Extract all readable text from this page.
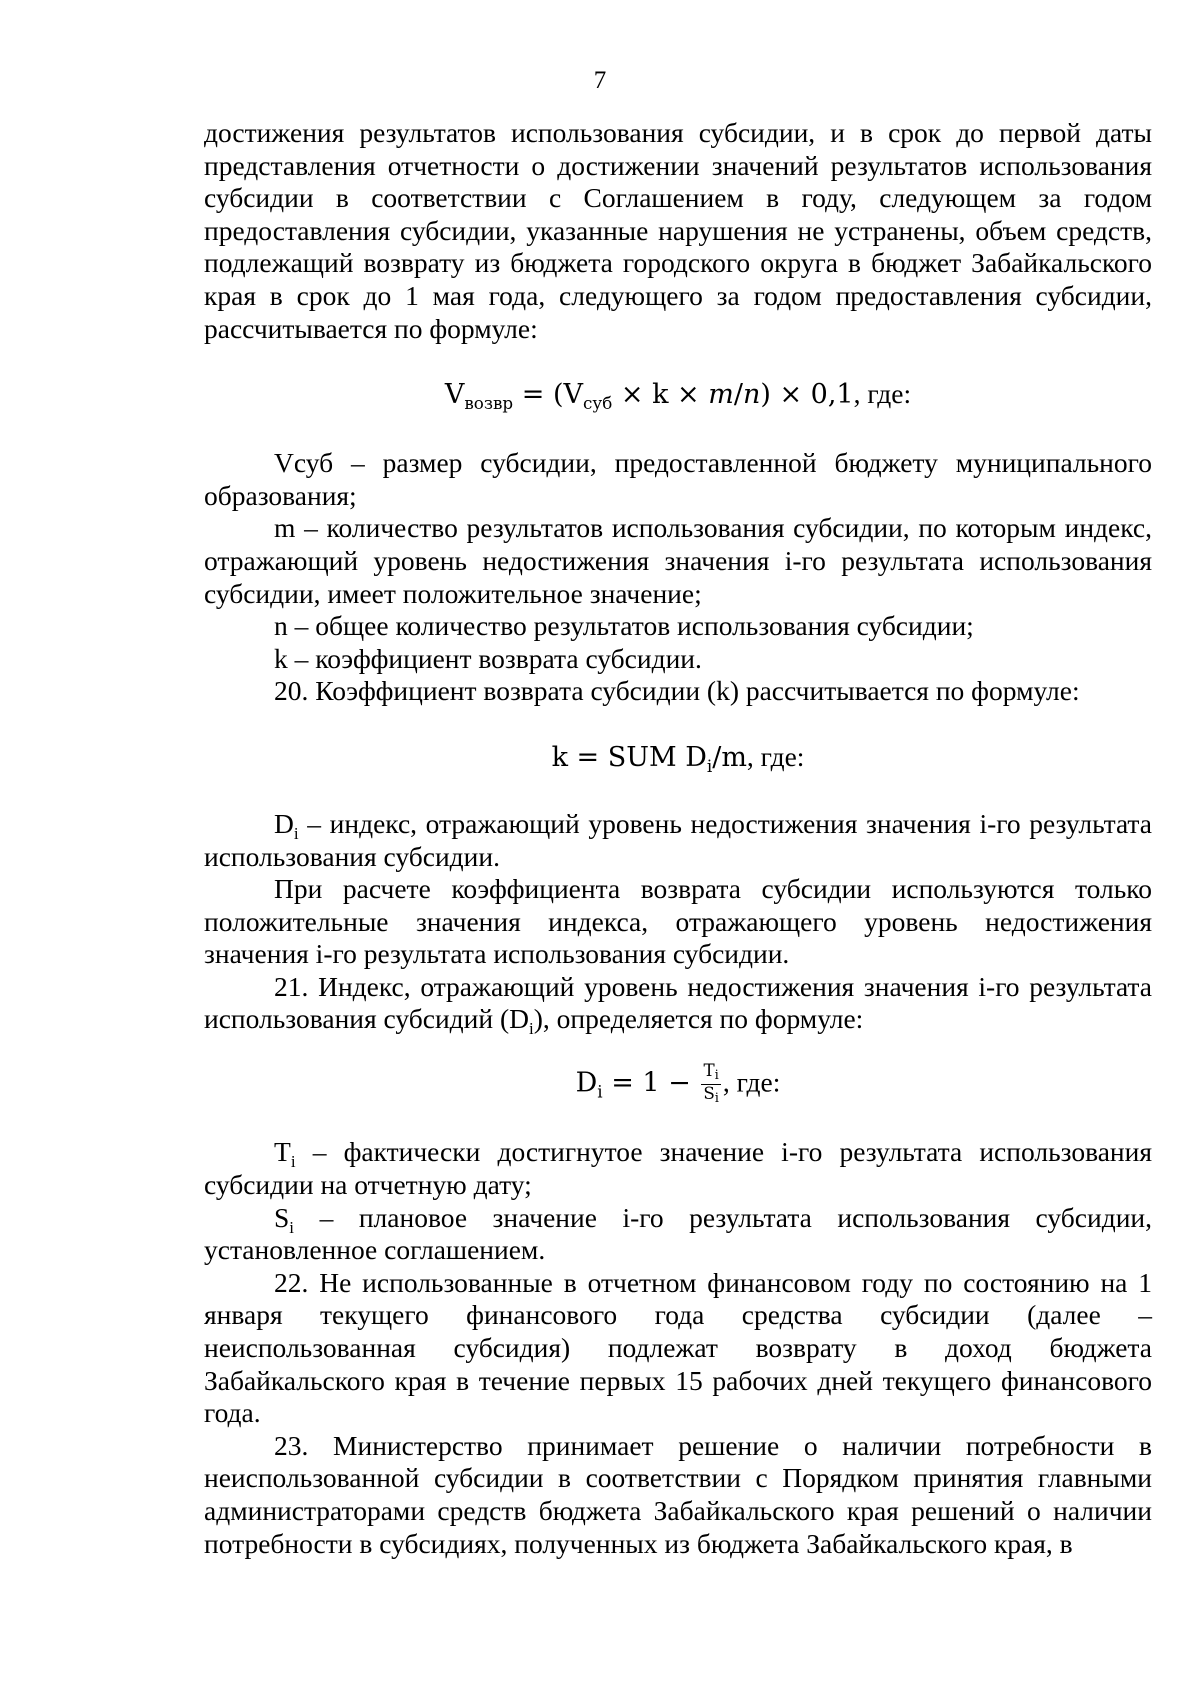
7

достижения результатов использования субсидии, и в срок до первой даты представления отчетности о достижении значений результатов использования субсидии в соответствии с Соглашением в году, следующем за годом предоставления субсидии, указанные нарушения не устранены, объем средств, подлежащий возврату из бюджета городского округа в бюджет Забайкальского края в срок до 1 мая года, следующего за годом предоставления субсидии, рассчитывается по формуле:

$V_{возвр} = (V_{суб} \times k \times m/n) \times 0,1$, где:

Vсуб – размер субсидии, предоставленной бюджету муниципального образования;

m – количество результатов использования субсидии, по которым индекс, отражающий уровень недостижения значения i-го результата использования субсидии, имеет положительное значение;

n – общее количество результатов использования субсидии;

k – коэффициент возврата субсидии.

20. Коэффициент возврата субсидии (k) рассчитывается по формуле:

k = SUM $D_i/m$, где:

$D_i$ – индекс, отражающий уровень недостижения значения i-го результата использования субсидии.

При расчете коэффициента возврата субсидии используются только положительные значения индекса, отражающего уровень недостижения значения i-го результата использования субсидии.

21. Индекс, отражающий уровень недостижения значения i-го результата использования субсидий $(D_i)$, определяется по формуле:

$D_i = 1 - \frac{Ti}{Si}$ , где:

$T_i$ – фактически достигнутое значение i-го результата использования субсидии на отчетную дату;

$S_i$ – плановое значение i-го результата использования субсидии, установленное соглашением.

22. Не использованные в отчетном финансовом году по состоянию на 1 января текущего финансового года средства субсидии (далее – неиспользованная субсидия) подлежат возврату в доход бюджета Забайкальского края в течение первых 15 рабочих дней текущего финансового года.

23. Министерство принимает решение о наличии потребности в неиспользованной субсидии в соответствии с Порядком принятия главными администраторами средств бюджета Забайкальского края решений о наличии потребности в субсидиях, полученных из бюджета Забайкальского края, в
